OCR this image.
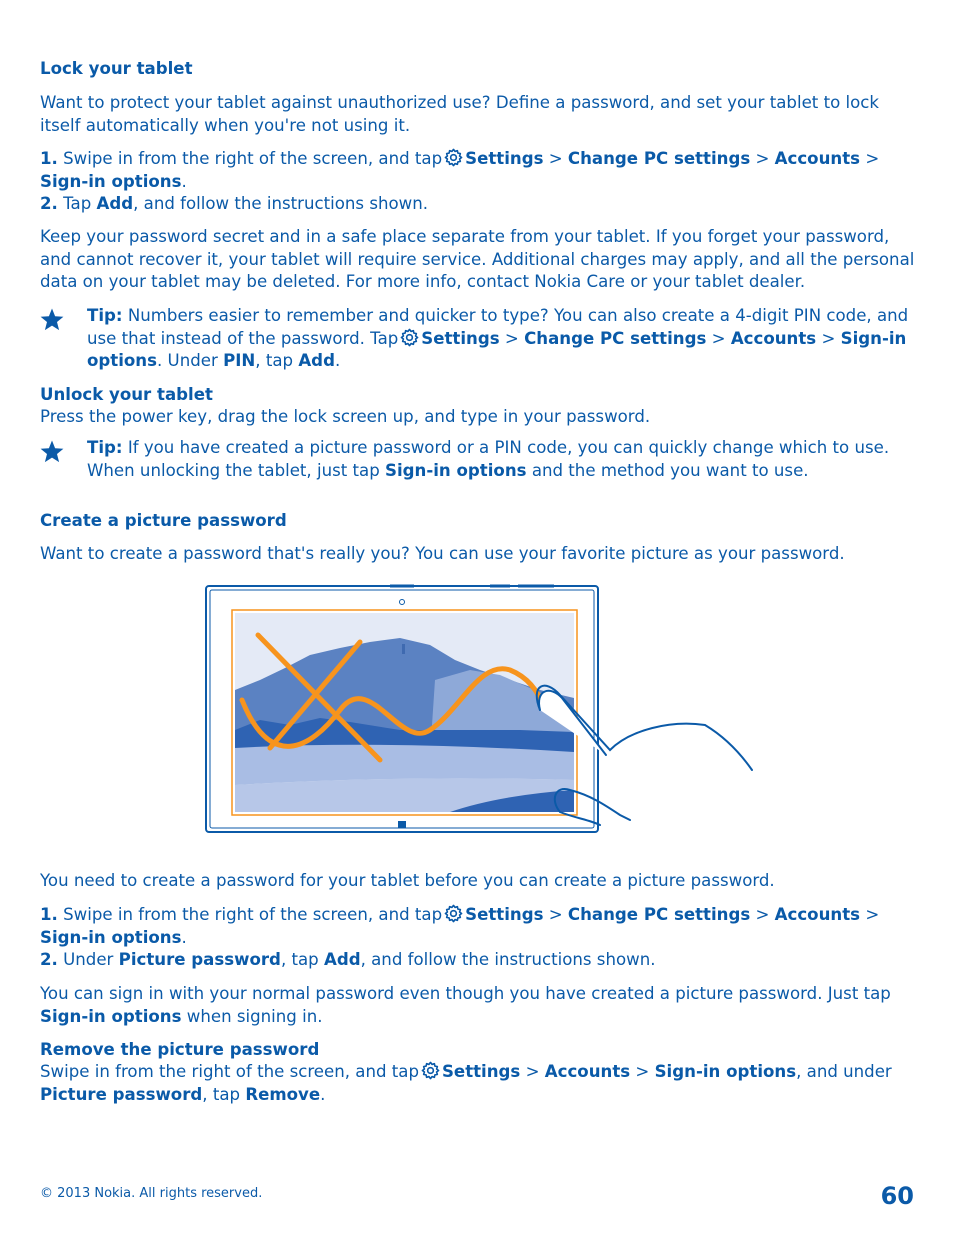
Lock your tablet

Want to protect your tablet against unauthorized use? Define a password, and set your tablet to lock itself automatically when you're not using it.

1. Swipe in from the right of the screen, and tap Settings > Change PC settings > Accounts > Sign-in options.
2. Tap Add, and follow the instructions shown.

Keep your password secret and in a safe place separate from your tablet. If you forget your password, and cannot recover it, your tablet will require service. Additional charges may apply, and all the personal data on your tablet may be deleted. For more info, contact Nokia Care or your tablet dealer.

Tip: Numbers easier to remember and quicker to type? You can also create a 4-digit PIN code, and use that instead of the password. Tap Settings > Change PC settings > Accounts > Sign-in options. Under PIN, tap Add.
Unlock your tablet

Press the power key, drag the lock screen up, and type in your password.

Tip: If you have created a picture password or a PIN code, you can quickly change which to use. When unlocking the tablet, just tap Sign-in options and the method you want to use.
Create a picture password

Want to create a password that's really you? You can use your favorite picture as your password.

You need to create a password for your tablet before you can create a picture password.

1. Swipe in from the right of the screen, and tap Settings > Change PC settings > Accounts > Sign-in options.
2. Under Picture password, tap Add, and follow the instructions shown.
You can sign in with your normal password even though you have created a picture password. Just tap Sign-in options when signing in.
Remove the picture password
Swipe in from the right of the screen, and tap Settings > Accounts > Sign-in options, and under Picture password, tap Remove.
© 2013 Nokia. All rights reserved.	60
